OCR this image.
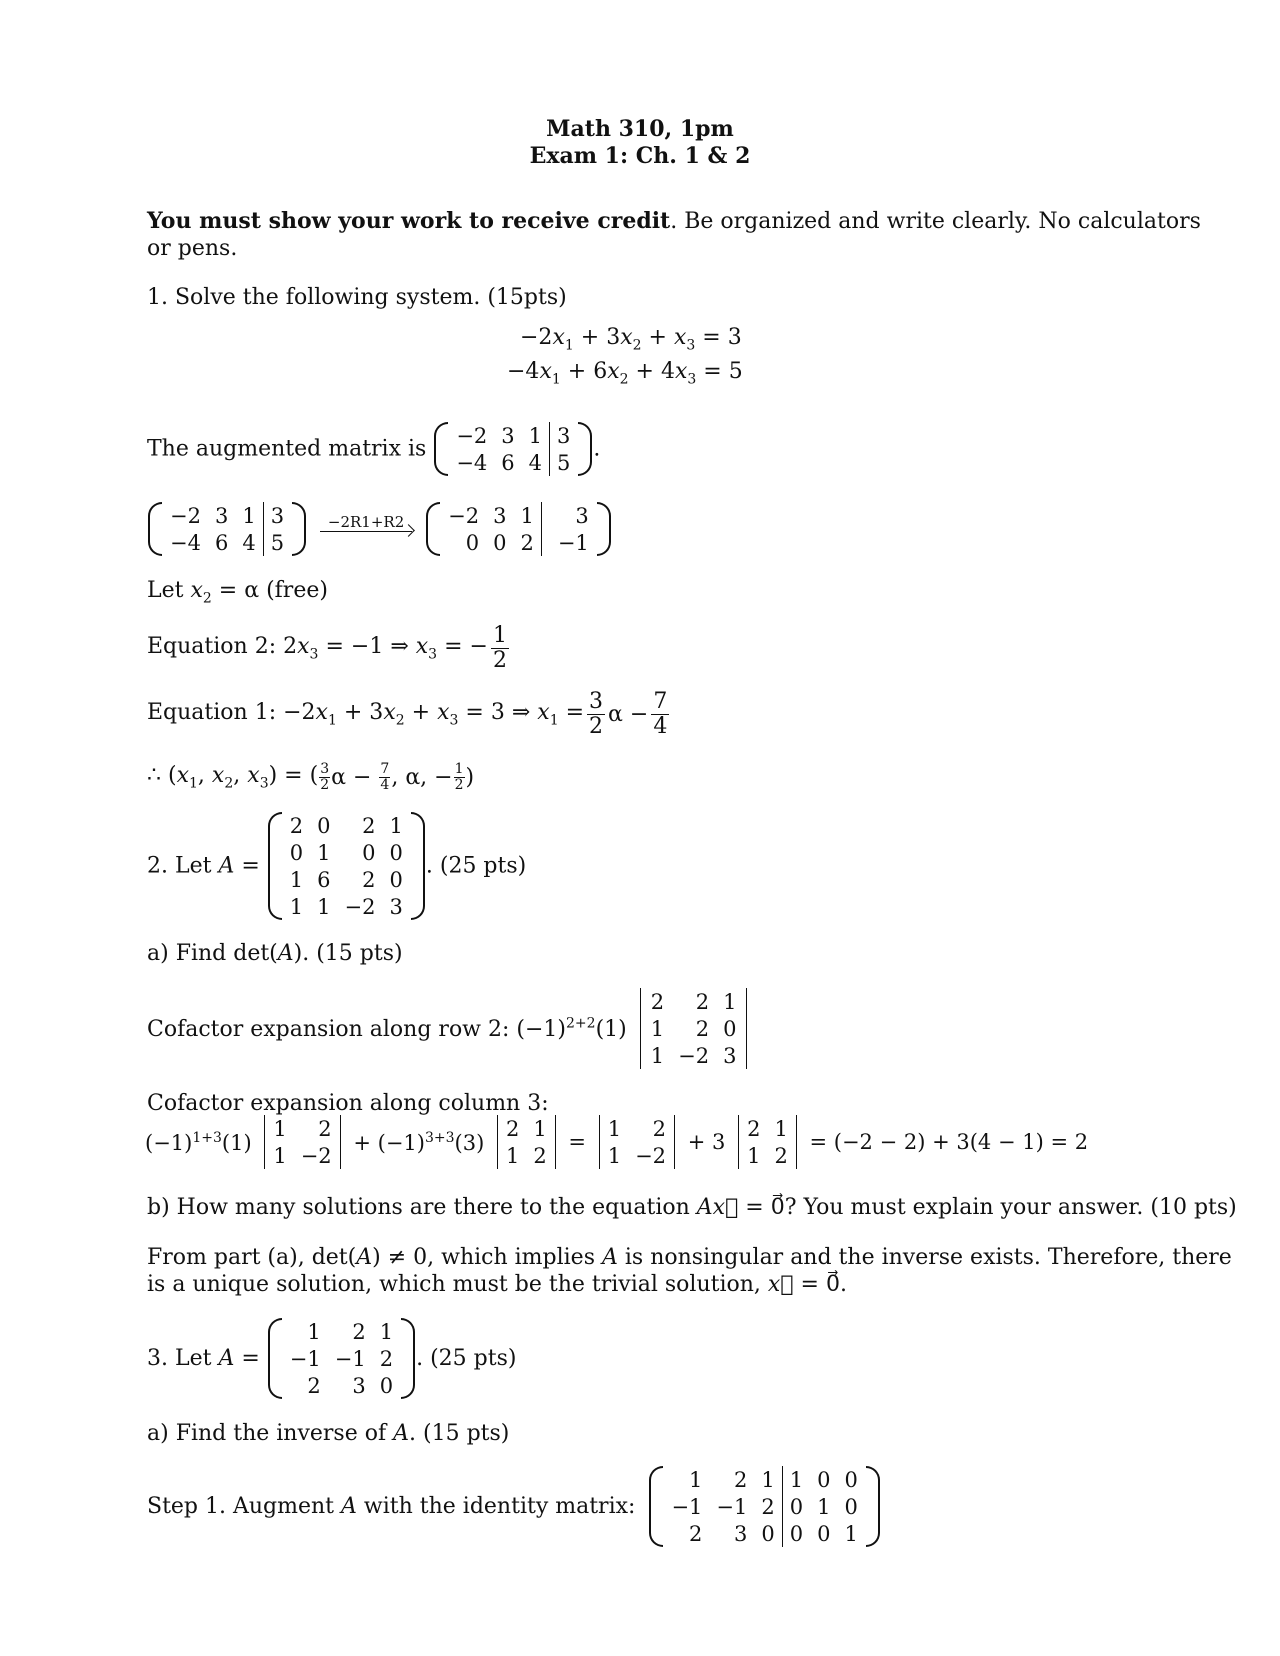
Math 310, 1pm
Exam 1: Ch. 1 & 2
You must show your work to receive credit. Be organized and write clearly. No calculators
or pens.
1. Solve the following system. (15pts)
$-2x_1 + 3x_2 + x_3 = 3$
$-4x_1 + 6x_2 + 4x_3 = 5$
The augmented matrix is
−2	3	1	3
−4	6	4	5
.
−2	3	1	3
−4	6	4	5

−2R1+R2
	−2	3	1	3
0	0	2	−1
Let $x_2 = \alpha$ (free)
Equation 2: $2x_3 = -1$ ⇒ $x_3$ = − $\frac{1}{2}$
Equation 1: $-2x_1 + 3x_2 + x_3 = 3$ ⇒ $x_1 = \frac{3}{2}$ $\alpha - \frac{7}{4}$
∴ ($x_1$, $x_2$, $x_3$) = ( $\frac{3}{2}$ $\alpha - \frac{7}{4}$ , α, − $\frac{1}{2}$ )
2. Let A =
2	0	2	1
0	1	0	0
1	6	2	0
1	1	−2	3
. (25 pts)
a) Find det(A). (15 pts)
Cofactor expansion along row 2: $(-1)^{2+2}(1)$
2	2	1
1	2	0
1	−2	3
Cofactor expansion along column 3:
$(-1)^{1+3}(1)$
1	2
1	−2
+ $(-1)^{3+3}(3)$
2	1
1	2
=
1	2
1	−2
+ 3
2	1
1	2
= (−2 − 2) + 3(4 − 1) = 2
b) How many solutions are there to the equation Ax⃗ = 0⃗? You must explain your answer. (10 pts)
From part (a), det(A) ≠ 0, which implies A is nonsingular and the inverse exists. Therefore, there
is a unique solution, which must be the trivial solution, x⃗ = 0⃗.
3. Let A =
1	2	1
−1	−1	2
2	3	0
. (25 pts)
a) Find the inverse of A. (15 pts)
Step 1. Augment A with the identity matrix:
1	2	1	1	0	0
−1	−1	2	0	1	0
2	3	0	0	0	1
